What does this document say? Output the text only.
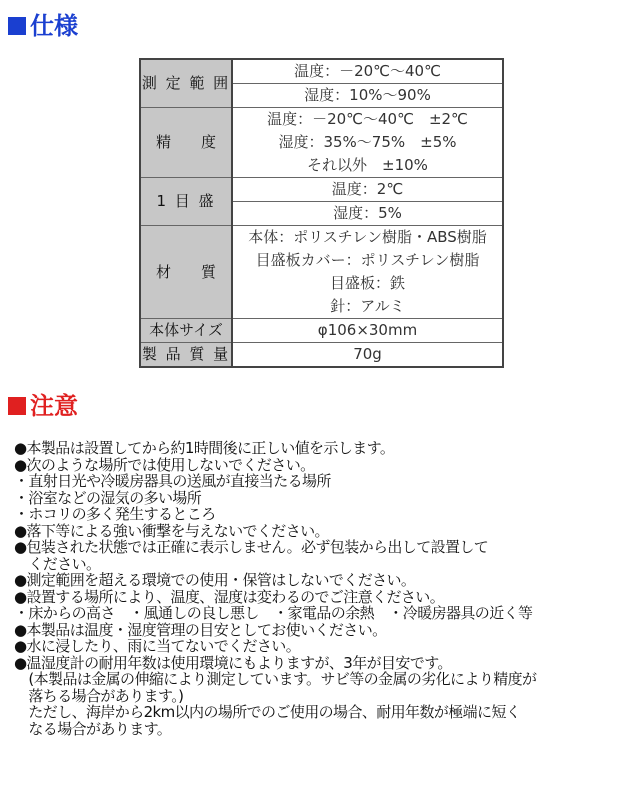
仕様
測 定 範 囲	温度：－20℃～40℃
	湿度：10%～90%
精　　度	温度：－20℃～40℃　±2℃
	湿度：35%～75%　±5%
	それ以外　±10%
1 目 盛	温度：2℃
	湿度：5%
材　　質	本体：ポリスチレン樹脂・ABS樹脂
	目盛板カバー：ポリスチレン樹脂
	目盛板：鉄
	針：アルミ
本体サイズ	φ106×30mm
製 品 質 量	70g
注意
●本製品は設置してから約1時間後に正しい値を示します。
●次のような場所では使用しないでください。
・直射日光や冷暖房器具の送風が直接当たる場所
・浴室などの湿気の多い場所
・ホコリの多く発生するところ
●落下等による強い衝撃を与えないでください。
●包装された状態では正確に表示しません。必ず包装から出して設置して
　ください。
●測定範囲を超える環境での使用・保管はしないでください。
●設置する場所により、温度、湿度は変わるのでご注意ください。
・床からの高さ　・風通しの良し悪し　・家電品の余熱　・冷暖房器具の近く等
●本製品は温度・湿度管理の目安としてお使いください。
●水に浸したり、雨に当てないでください。
●温湿度計の耐用年数は使用環境にもよりますが、3年が目安です。
　(本製品は金属の伸縮により測定しています。サビ等の金属の劣化により精度が
　落ちる場合があります。)
　ただし、海岸から2km以内の場所でのご使用の場合、耐用年数が極端に短く
　なる場合があります。
